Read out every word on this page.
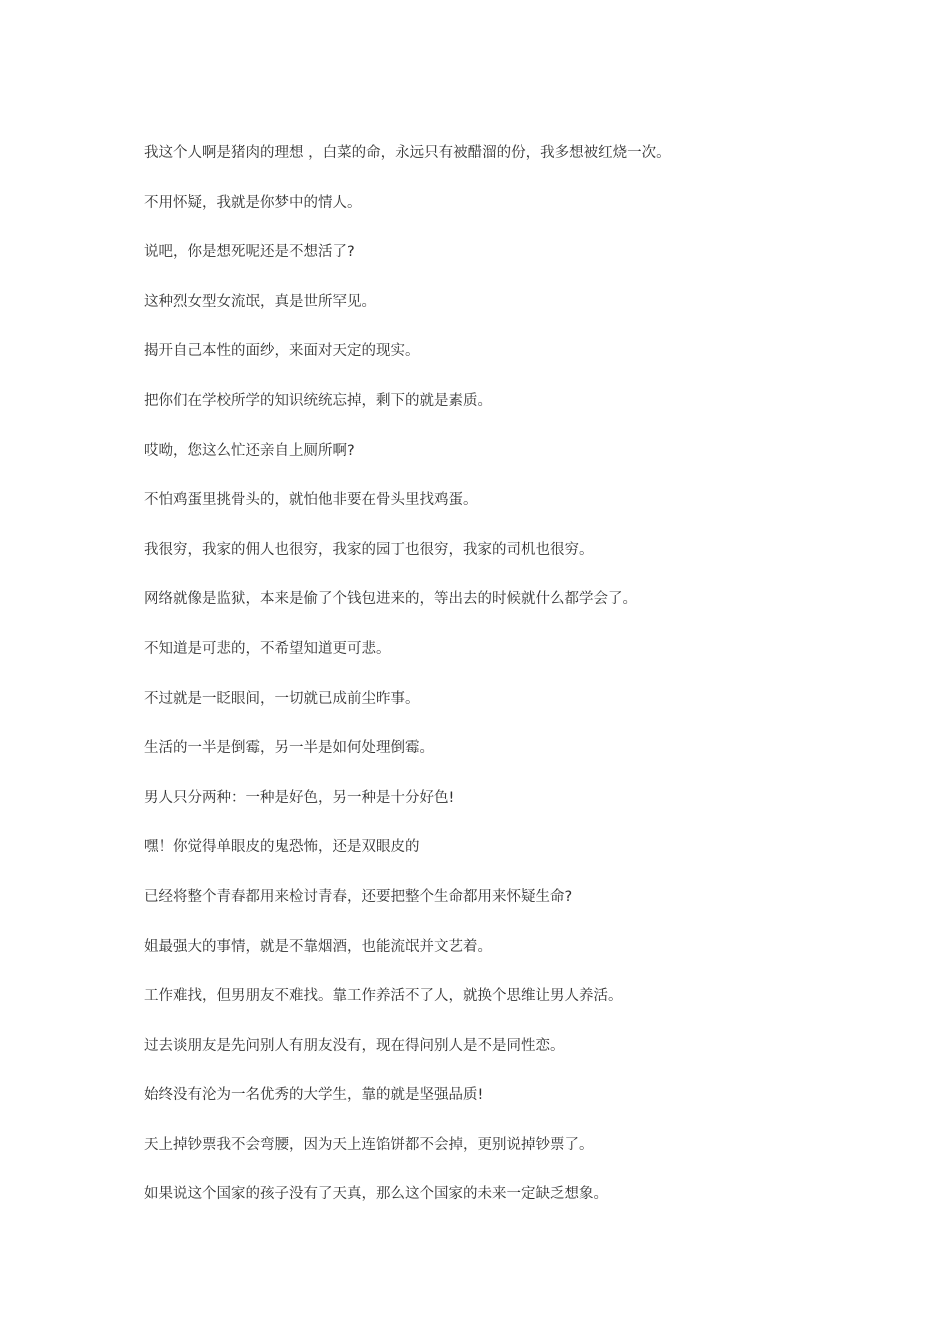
我这个人啊是猪肉的理想 ，白菜的命，永远只有被醋溜的份，我多想被红烧一次。
不用怀疑，我就是你梦中的情人。
说吧，你是想死呢还是不想活了?
这种烈女型女流氓，真是世所罕见。
揭开自己本性的面纱，来面对天定的现实。
把你们在学校所学的知识统统忘掉，剩下的就是素质。
哎呦，您这么忙还亲自上厕所啊?
不怕鸡蛋里挑骨头的，就怕他非要在骨头里找鸡蛋。
我很穷，我家的佣人也很穷，我家的园丁也很穷，我家的司机也很穷。
网络就像是监狱，本来是偷了个钱包进来的，等出去的时候就什么都学会了。
不知道是可悲的，不希望知道更可悲。
不过就是一眨眼间，一切就已成前尘昨事。
生活的一半是倒霉，另一半是如何处理倒霉。
男人只分两种：一种是好色，另一种是十分好色!
嘿！你觉得单眼皮的鬼恐怖，还是双眼皮的
已经将整个青春都用来检讨青春，还要把整个生命都用来怀疑生命?
姐最强大的事情，就是不靠烟酒，也能流氓并文艺着。
工作难找，但男朋友不难找。靠工作养活不了人，就换个思维让男人养活。
过去谈朋友是先问别人有朋友没有，现在得问别人是不是同性恋。
始终没有沦为一名优秀的大学生，靠的就是坚强品质!
天上掉钞票我不会弯腰，因为天上连馅饼都不会掉，更别说掉钞票了。
如果说这个国家的孩子没有了天真，那么这个国家的未来一定缺乏想象。
